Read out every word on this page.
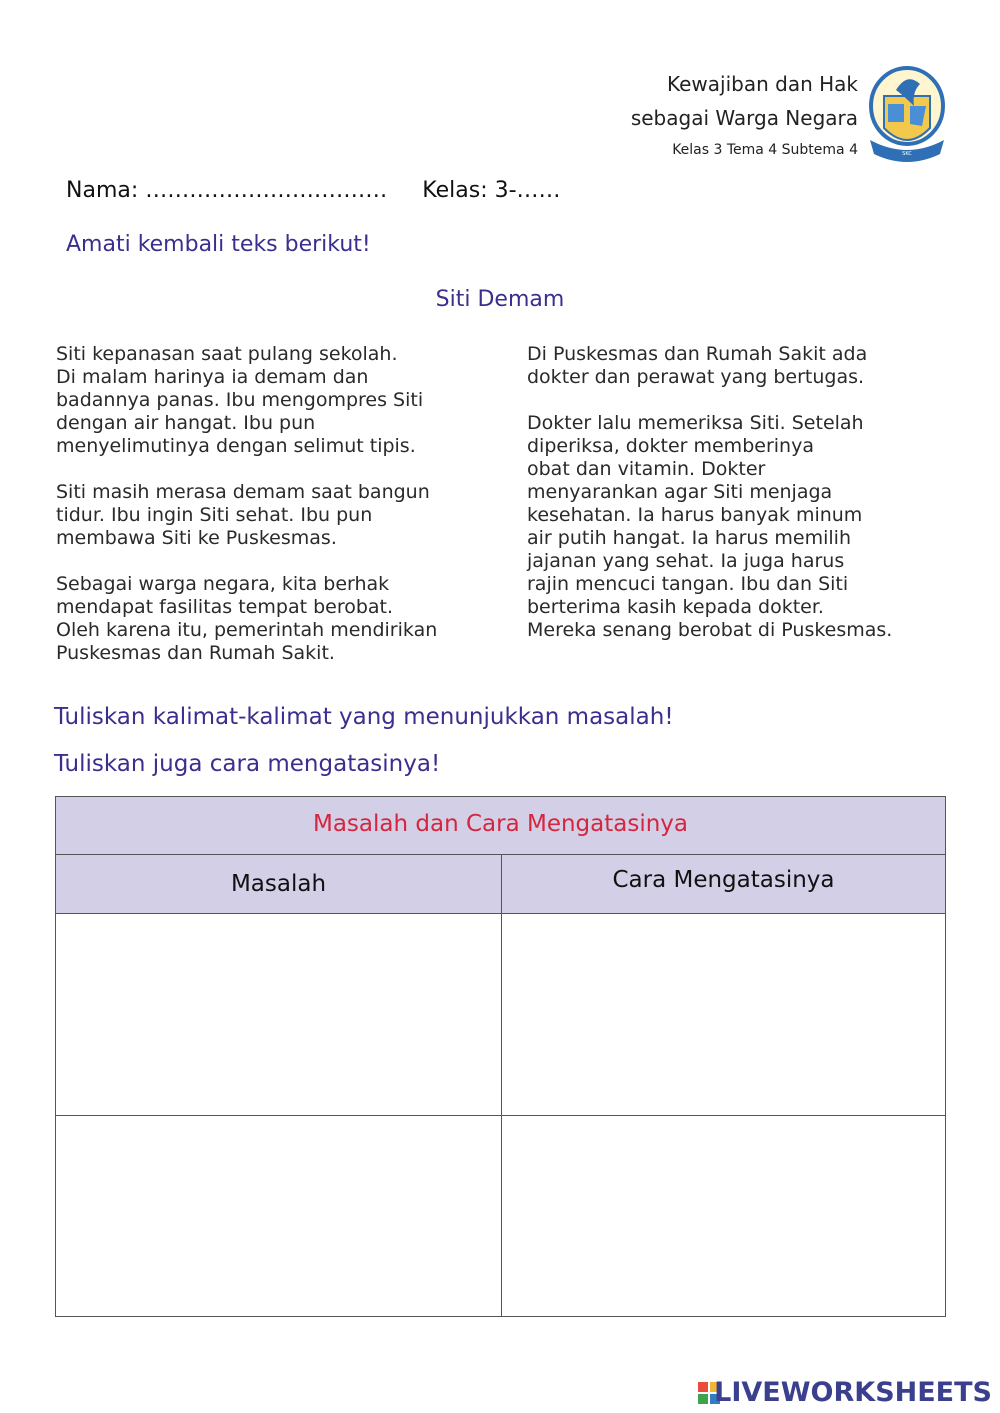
Kewajiban dan Hak
sebagai Warga Negara
Kelas 3 Tema 4 Subtema 4	SKC
Nama: …………………………… Kelas: 3-……
Amati kembali teks berikut!
Siti Demam

Siti kepanasan saat pulang sekolah.
Di malam harinya ia demam dan
badannya panas. Ibu mengompres Siti
dengan air hangat. Ibu pun
menyelimutinya dengan selimut tipis.

Siti masih merasa demam saat bangun
tidur. Ibu ingin Siti sehat. Ibu pun
membawa Siti ke Puskesmas.

Sebagai warga negara, kita berhak
mendapat fasilitas tempat berobat.
Oleh karena itu, pemerintah mendirikan
Puskesmas dan Rumah Sakit.

Di Puskesmas dan Rumah Sakit ada
dokter dan perawat yang bertugas.

Dokter lalu memeriksa Siti. Setelah
diperiksa, dokter memberinya
obat dan vitamin. Dokter
menyarankan agar Siti menjaga
kesehatan. Ia harus banyak minum
air putih hangat. Ia harus memilih
jajanan yang sehat. Ia juga harus
rajin mencuci tangan. Ibu dan Siti
berterima kasih kepada dokter.
Mereka senang berobat di Puskesmas.

Tuliskan kalimat-kalimat yang menunjukkan masalah!
Tuliskan juga cara mengatasinya!
Masalah dan Cara Mengatasinya
Masalah	Cara Mengatasinya
LIVEWORKSHEETS
